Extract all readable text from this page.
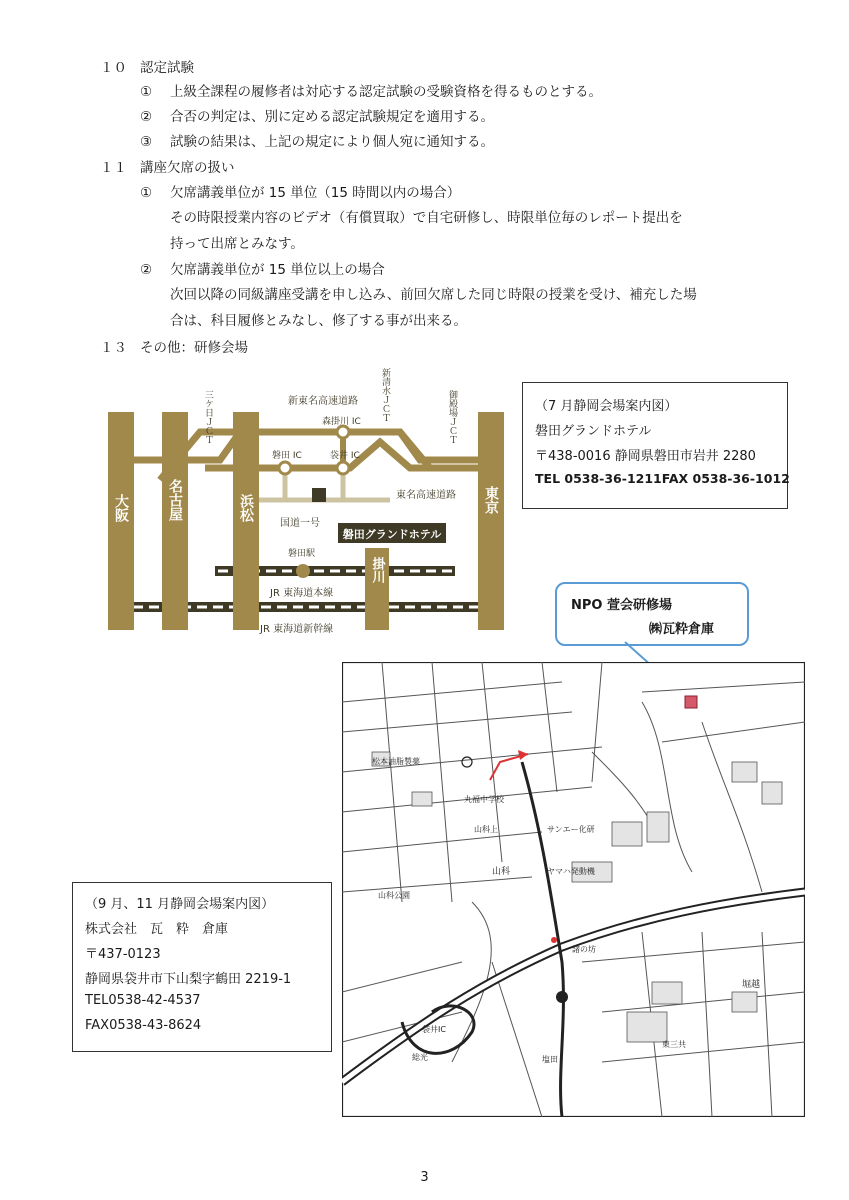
１０ 認定試験
① 上級全課程の履修者は対応する認定試験の受験資格を得るものとする。
② 合否の判定は、別に定める認定試験規定を適用する。
③ 試験の結果は、上記の規定により個人宛に通知する。
１１ 講座欠席の扱い
① 欠席講義単位が 15 単位（15 時間以内の場合）
その時限授業内容のビデオ（有償買取）で自宅研修し、時限単位毎のレポート提出を
持って出席とみなす。
② 欠席講義単位が 15 単位以上の場合
次回以降の同級講座受講を申し込み、前回欠席した同じ時限の授業を受け、補充した場
合は、科目履修とみなし、修了する事が出来る。
１３ その他：研修会場
大阪	名古屋	浜松	東京
掛川
新東名高速道路
森掛川 IC 新清水ＪＣＴ
三ケ日ＪＣＴ	御殿場ＪＣＴ
磐田 IC	袋井 IC
東名高速道路
国道一号
磐田グランドホテル
磐田駅
JR 東海道本線
JR 東海道新幹線
（7 月静岡会場案内図）
磐田グランドホテル
〒438-0016 静岡県磐田市岩井 2280
TEL 0538-36-1211FAX 0538-36-1012
NPO 萱会研修場
㈱瓦粋倉庫
松本油脂製薬
丸福中学校
山科上	サンエー化研
ヤマハ発動機
山科
山科公園
諸の坊
堀越
袋井IC
総光
東三共
塩田
（9 月、11 月静岡会場案内図）
株式会社　瓦　粋　倉庫
〒437-0123
静岡県袋井市下山梨字鶴田 2219-1
TEL0538-42-4537
FAX0538-43-8624
3
